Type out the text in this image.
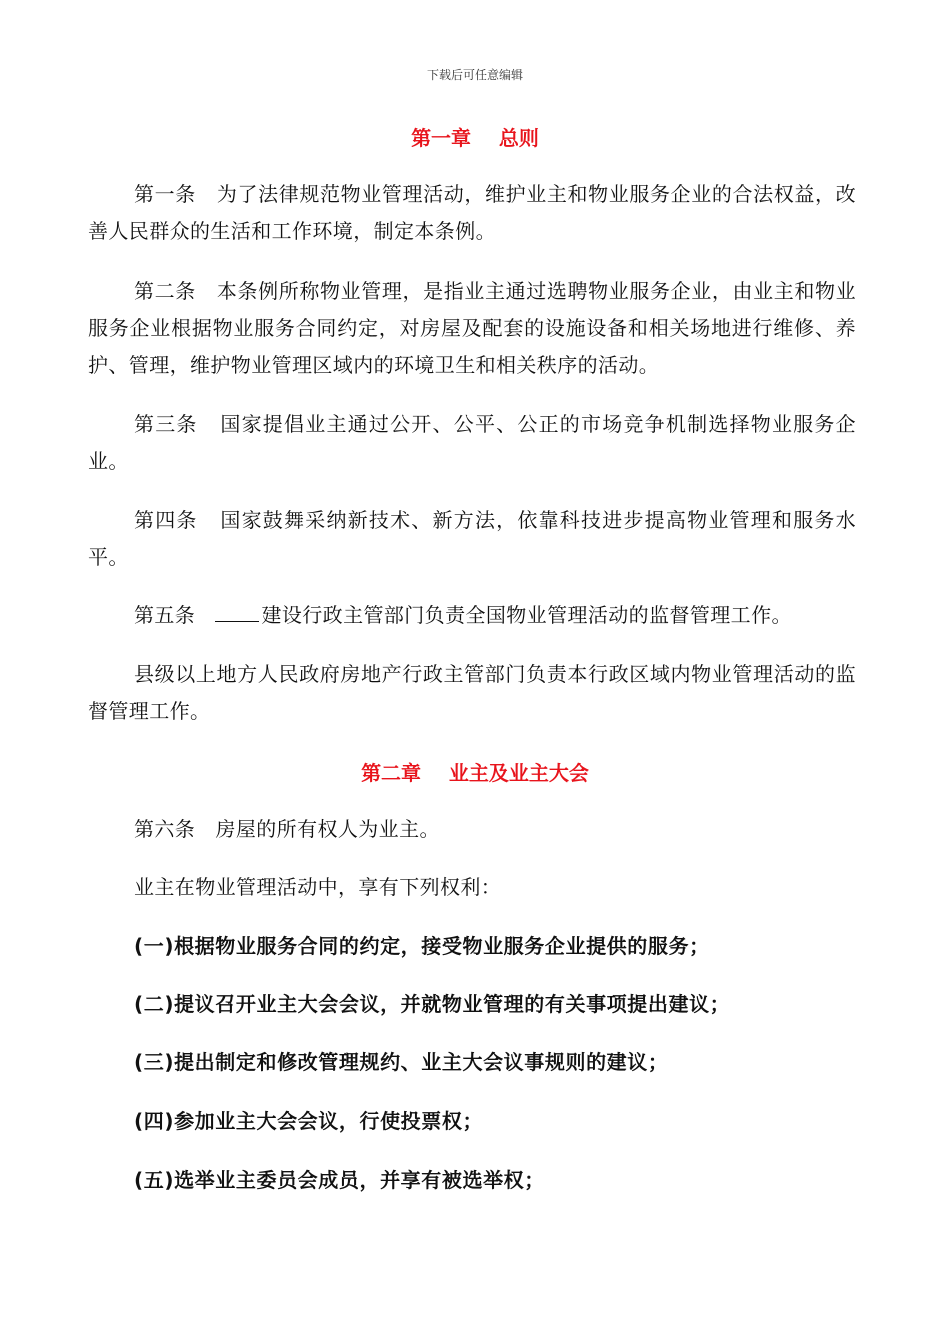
下载后可任意编辑
第一章    总则
第一条 为了法律规范物业管理活动，维护业主和物业服务企业的合法权益，改善人民群众的生活和工作环境，制定本条例。
第二条 本条例所称物业管理，是指业主通过选聘物业服务企业，由业主和物业服务企业根据物业服务合同约定，对房屋及配套的设施设备和相关场地进行维修、养护、管理，维护物业管理区域内的环境卫生和相关秩序的活动。
第三条 国家提倡业主通过公开、公平、公正的市场竞争机制选择物业服务企业。
第四条 国家鼓舞采纳新技术、新方法，依靠科技进步提高物业管理和服务水平。
第五条	建设行政主管部门负责全国物业管理活动的监督管理工作。
县级以上地方人民政府房地产行政主管部门负责本行政区域内物业管理活动的监督管理工作。
第二章    业主及业主大会
第六条 房屋的所有权人为业主。
业主在物业管理活动中，享有下列权利：
(一)根据物业服务合同的约定，接受物业服务企业提供的服务；
(二)提议召开业主大会会议，并就物业管理的有关事项提出建议；
(三)提出制定和修改管理规约、业主大会议事规则的建议；
(四)参加业主大会会议，行使投票权；
(五)选举业主委员会成员，并享有被选举权；
